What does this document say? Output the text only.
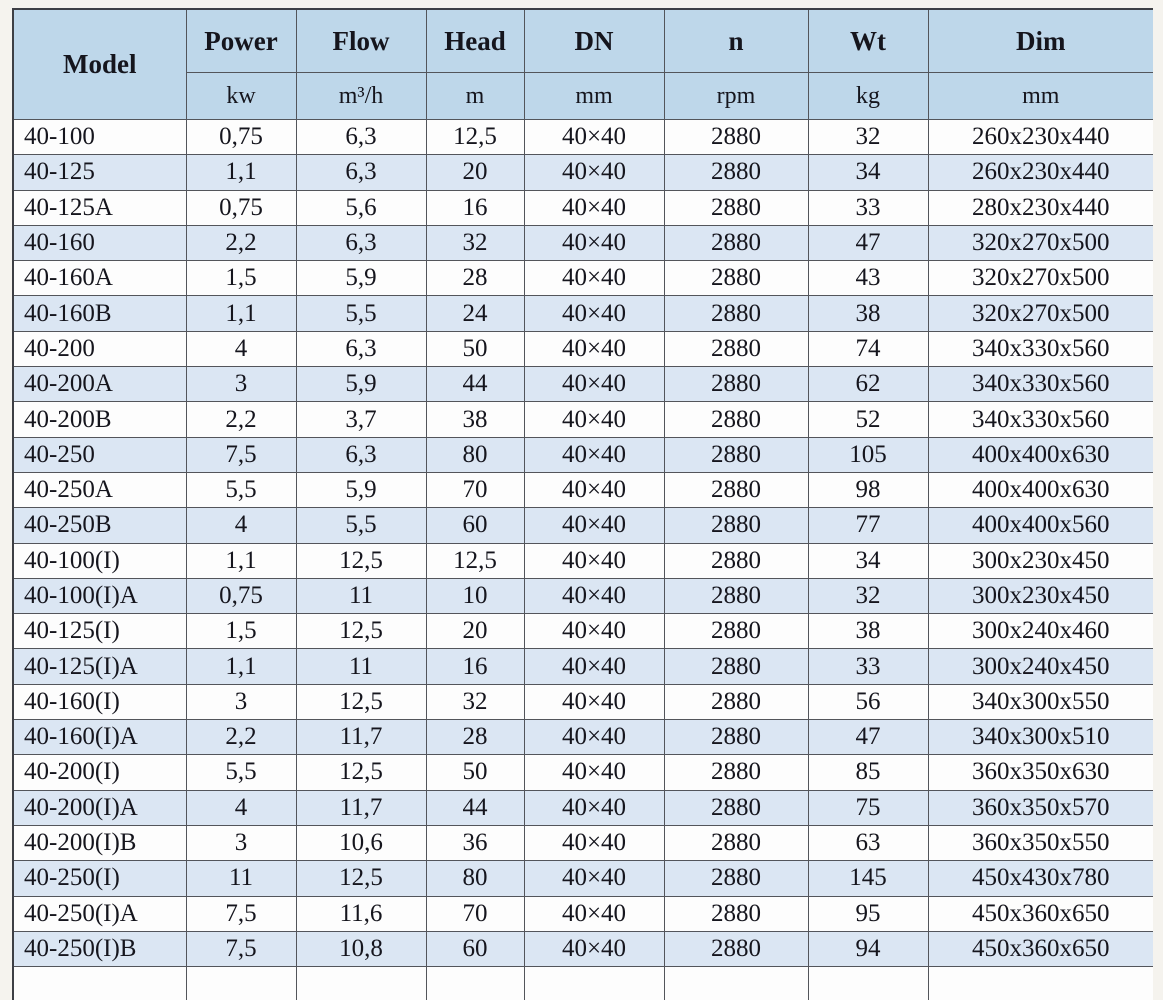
Model	Power	Flow	Head	DN	n	Wt	Dim
	kw	m³/h	m	mm	rpm	kg	mm
40-100	0,75	6,3	12,5	40×40	2880	32	260x230x440
40-125	1,1	6,3	20	40×40	2880	34	260x230x440
40-125A	0,75	5,6	16	40×40	2880	33	280x230x440
40-160	2,2	6,3	32	40×40	2880	47	320x270x500
40-160A	1,5	5,9	28	40×40	2880	43	320x270x500
40-160B	1,1	5,5	24	40×40	2880	38	320x270x500
40-200	4	6,3	50	40×40	2880	74	340x330x560
40-200A	3	5,9	44	40×40	2880	62	340x330x560
40-200B	2,2	3,7	38	40×40	2880	52	340x330x560
40-250	7,5	6,3	80	40×40	2880	105	400x400x630
40-250A	5,5	5,9	70	40×40	2880	98	400x400x630
40-250B	4	5,5	60	40×40	2880	77	400x400x560
40-100(I)	1,1	12,5	12,5	40×40	2880	34	300x230x450
40-100(I)A	0,75	11	10	40×40	2880	32	300x230x450
40-125(I)	1,5	12,5	20	40×40	2880	38	300x240x460
40-125(I)A	1,1	11	16	40×40	2880	33	300x240x450
40-160(I)	3	12,5	32	40×40	2880	56	340x300x550
40-160(I)A	2,2	11,7	28	40×40	2880	47	340x300x510
40-200(I)	5,5	12,5	50	40×40	2880	85	360x350x630
40-200(I)A	4	11,7	44	40×40	2880	75	360x350x570
40-200(I)B	3	10,6	36	40×40	2880	63	360x350x550
40-250(I)	11	12,5	80	40×40	2880	145	450x430x780
40-250(I)A	7,5	11,6	70	40×40	2880	95	450x360x650
40-250(I)B	7,5	10,8	60	40×40	2880	94	450x360x650
